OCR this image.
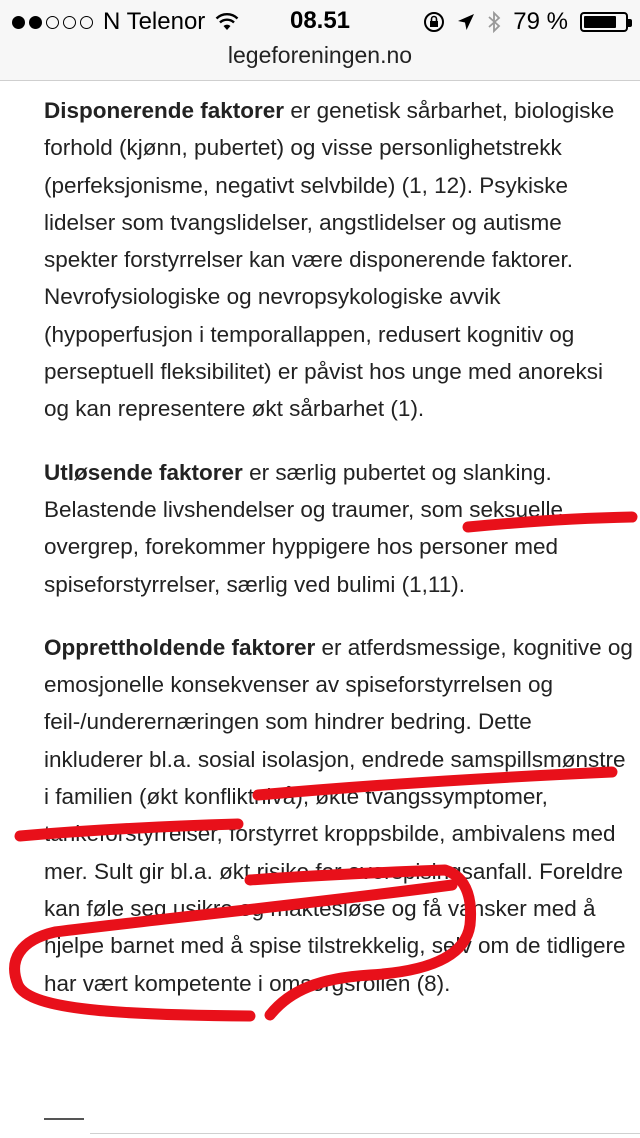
N Telenor	08.51	79 %
legeforeningen.no

Disponerende faktorer er genetisk sårbarhet, biologiske forhold (kjønn, pubertet) og visse personlighetstrekk (perfeksjonisme, negativt selvbilde) (1, 12). Psykiske lidelser som tvangslidelser, angstlidelser og autisme spekter forstyrrelser kan være disponerende faktorer. Nevrofysiologiske og nevropsykologiske avvik (hypoperfusjon i temporallappen, redusert kognitiv og perseptuell fleksibilitet) er påvist hos unge med anoreksi og kan representere økt sårbarhet (1).

Utløsende faktorer er særlig pubertet og slanking. Belastende livshendelser og traumer, som seksuelle overgrep, forekommer hyppigere hos personer med spiseforstyrrelser, særlig ved bulimi (1,11).

Opprettholdende faktorer er atferdsmessige, kognitive og emosjonelle konsekvenser av spiseforstyrrelsen og feil-/underernæringen som hindrer bedring. Dette inkluderer bl.a. sosial isolasjon, endrede samspillsmønstre i familien (økt konfliktnivå), økte tvangssymptomer, tankeforstyrrelser, forstyrret kroppsbilde, ambivalens med mer. Sult gir bl.a. økt risiko for overspisingsanfall. Foreldre kan føle seg usikre og maktesløse og få vansker med å hjelpe barnet med å spise tilstrekkelig, selv om de tidligere har vært kompetente i omsorgsrollen (8).
